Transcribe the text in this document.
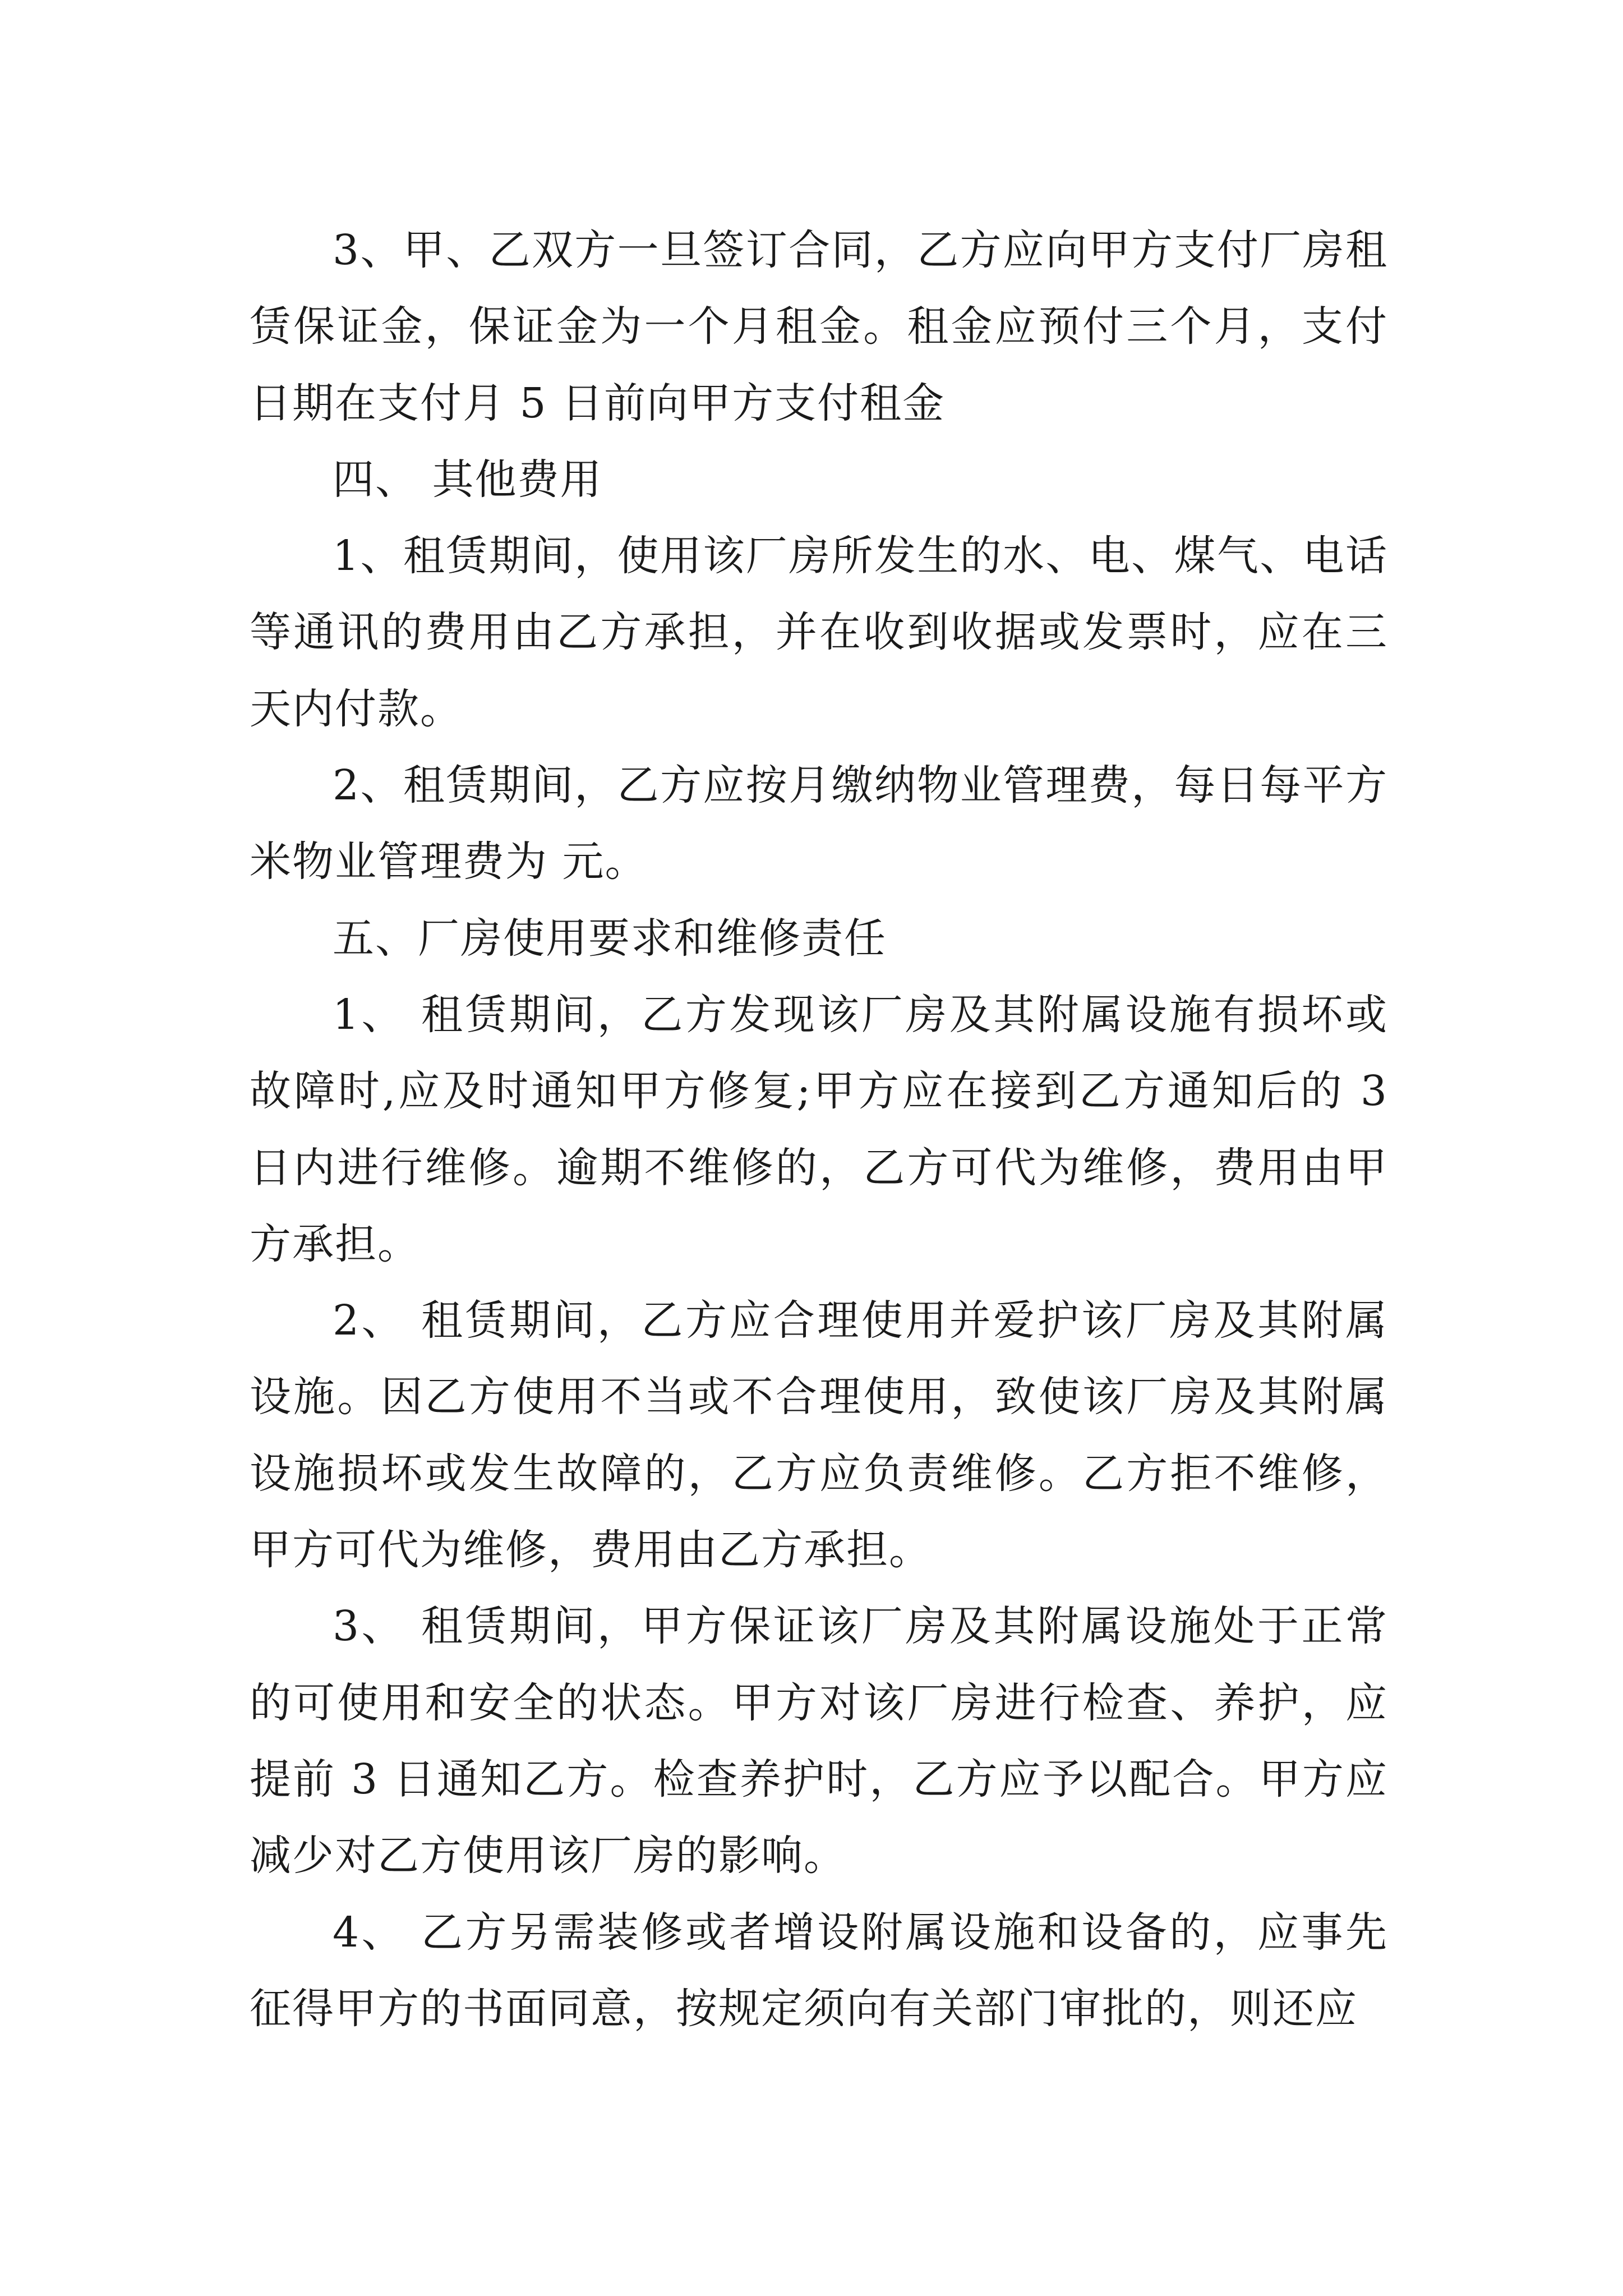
3、甲、乙双方一旦签订合同，乙方应向甲方支付厂房租赁保证金，保证金为一个月租金。租金应预付三个月，支付日期在支付月 5 日前向甲方支付租金

四、 其他费用

1、租赁期间，使用该厂房所发生的水、电、煤气、电话等通讯的费用由乙方承担，并在收到收据或发票时，应在三天内付款。

2、租赁期间，乙方应按月缴纳物业管理费，每日每平方米物业管理费为 元。

五、厂房使用要求和维修责任

1、 租赁期间，乙方发现该厂房及其附属设施有损坏或故障时,应及时通知甲方修复;甲方应在接到乙方通知后的 3 日内进行维修。逾期不维修的，乙方可代为维修，费用由甲方承担。

2、 租赁期间，乙方应合理使用并爱护该厂房及其附属设施。因乙方使用不当或不合理使用，致使该厂房及其附属设施损坏或发生故障的，乙方应负责维修。乙方拒不维修，甲方可代为维修，费用由乙方承担。

3、 租赁期间，甲方保证该厂房及其附属设施处于正常的可使用和安全的状态。甲方对该厂房进行检查、养护，应提前 3 日通知乙方。检查养护时，乙方应予以配合。甲方应减少对乙方使用该厂房的影响。

4、 乙方另需装修或者增设附属设施和设备的，应事先征得甲方的书面同意，按规定须向有关部门审批的，则还应
